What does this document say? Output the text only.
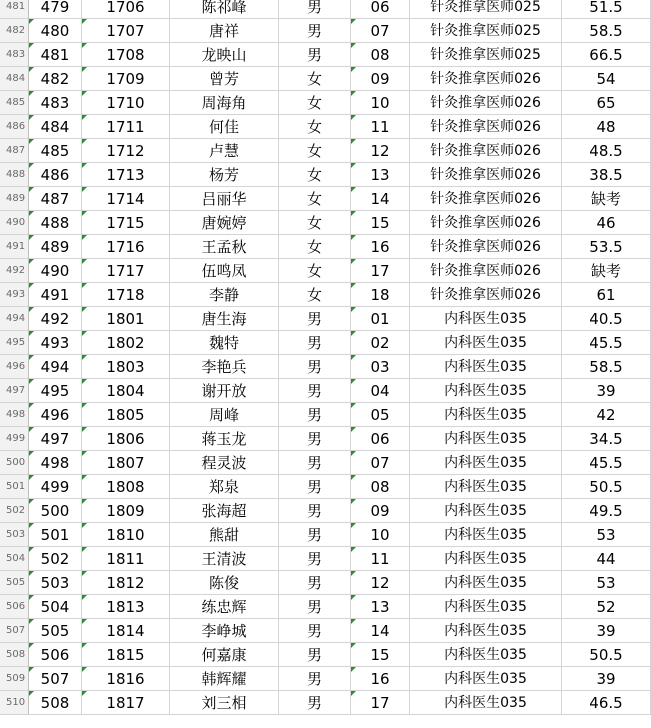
481	479	1706	陈祁峰	男	06	针灸推拿医师025	51.5
482	480	1707	唐祥	男	07	针灸推拿医师025	58.5
483	481	1708	龙映山	男	08	针灸推拿医师025	66.5
484	482	1709	曾芳	女	09	针灸推拿医师026	54
485	483	1710	周海角	女	10	针灸推拿医师026	65
486	484	1711	何佳	女	11	针灸推拿医师026	48
487	485	1712	卢慧	女	12	针灸推拿医师026	48.5
488	486	1713	杨芳	女	13	针灸推拿医师026	38.5
489	487	1714	吕丽华	女	14	针灸推拿医师026	缺考
490	488	1715	唐婉婷	女	15	针灸推拿医师026	46
491	489	1716	王孟秋	女	16	针灸推拿医师026	53.5
492	490	1717	伍鸣凤	女	17	针灸推拿医师026	缺考
493	491	1718	李静	女	18	针灸推拿医师026	61
494	492	1801	唐生海	男	01	内科医生035	40.5
495	493	1802	魏特	男	02	内科医生035	45.5
496	494	1803	李艳兵	男	03	内科医生035	58.5
497	495	1804	谢开放	男	04	内科医生035	39
498	496	1805	周峰	男	05	内科医生035	42
499	497	1806	蒋玉龙	男	06	内科医生035	34.5
500	498	1807	程灵波	男	07	内科医生035	45.5
501	499	1808	郑泉	男	08	内科医生035	50.5
502	500	1809	张海超	男	09	内科医生035	49.5
503	501	1810	熊甜	男	10	内科医生035	53
504	502	1811	王清波	男	11	内科医生035	44
505	503	1812	陈俊	男	12	内科医生035	53
506	504	1813	练忠辉	男	13	内科医生035	52
507	505	1814	李峥城	男	14	内科医生035	39
508	506	1815	何嘉康	男	15	内科医生035	50.5
509	507	1816	韩辉耀	男	16	内科医生035	39
510	508	1817	刘三相	男	17	内科医生035	46.5
